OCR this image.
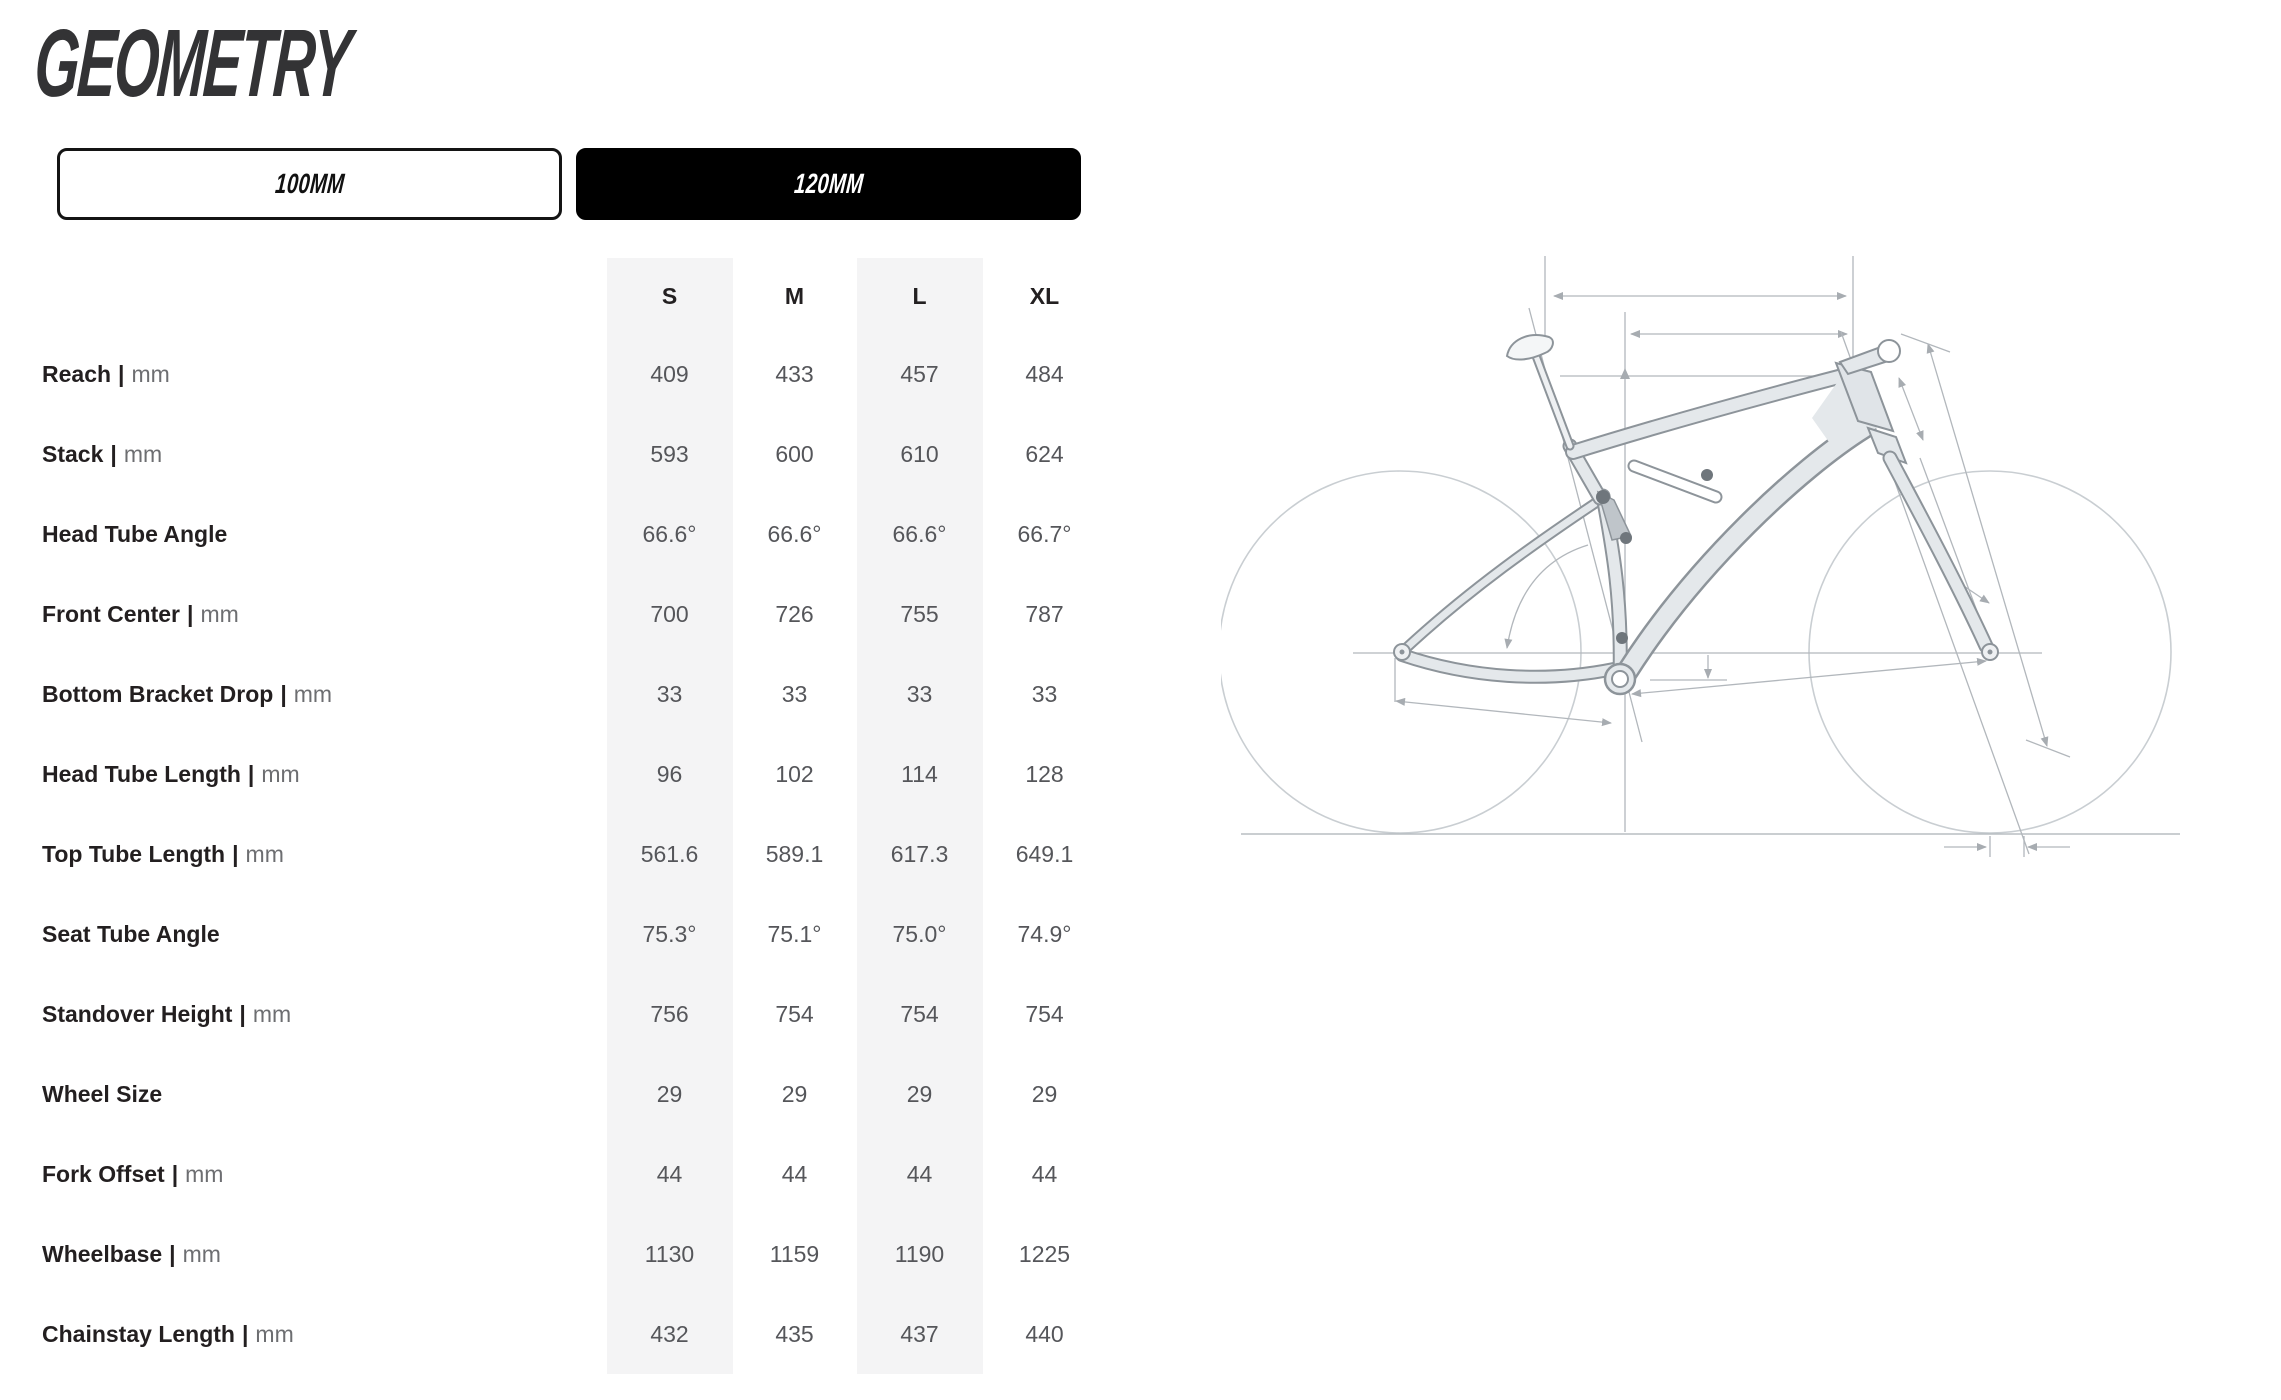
GEOMETRY
100MM	120MM
S	M	L	XL
Reach | mm	409	433	457	484
Stack | mm	593	600	610	624
Head Tube Angle	66.6°	66.6°	66.6°	66.7°
Front Center | mm	700	726	755	787
Bottom Bracket Drop | mm	33	33	33	33
Head Tube Length | mm	96	102	114	128
Top Tube Length | mm	561.6	589.1	617.3	649.1
Seat Tube Angle	75.3°	75.1°	75.0°	74.9°
Standover Height | mm	756	754	754	754
Wheel Size	29	29	29	29
Fork Offset | mm	44	44	44	44
Wheelbase | mm	1130	1159	1190	1225
Chainstay Length | mm	432	435	437	440
